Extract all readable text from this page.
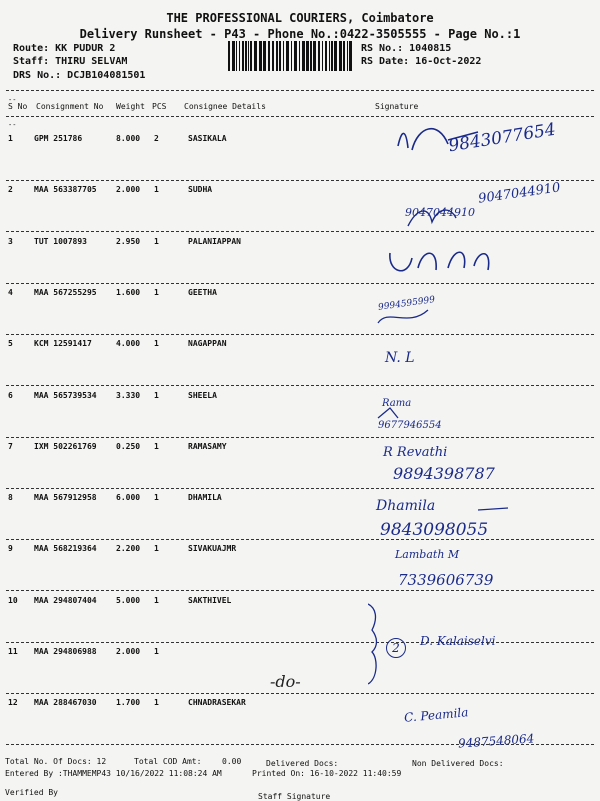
THE PROFESSIONAL COURIERS, Coimbatore
Delivery Runsheet - P43 - Phone No.:0422-3505555 - Page No.:1
Route: KK PUDUR 2
Staff: THIRU SELVAM
DRS No.: DCJB104081501
RS No.: 1040815
RS Date: 16-Oct-2022
--
S No Consignment No Weight PCS Consignee Details	Signature
--
1	GPM 251786	8.000 2	SASIKALA
2	MAA 563387705 2.000 1	SUDHA
3	TUT 1007893	2.950 1	PALANIAPPAN
4	MAA 567255295 1.600 1	GEETHA
5	KCM 12591417	4.000 1	NAGAPPAN
6	MAA 565739534 3.330 1	SHEELA
7	IXM 502261769 0.250 1	RAMASAMY
8	MAA 567912958 6.000 1	DHAMILA
9	MAA 568219364 2.200 1	SIVAKUAJMR
10 MAA 294807404 5.000 1	SAKTHIVEL
11 MAA 294806988 2.000 1
12 MAA 288467030 1.700 1	CHNADRASEKAR
9843077654
9047044910
9047044910
9994595999
N. L
Rama
9677946554
R Revathi
9894398787
Dhamila
9843098055
Lambath M
7339606739
2	D. Kalaiselvi
-do-
C. Peamila
9487548064
Total No. Of Docs: 12	Total COD Amt:	0.00	Delivered Docs:	Non Delivered Docs:
Entered By :THAMMEMP43 10/16/2022 11:08:24 AM	Printed On: 16-10-2022 11:40:59
Verified By	Staff Signature
